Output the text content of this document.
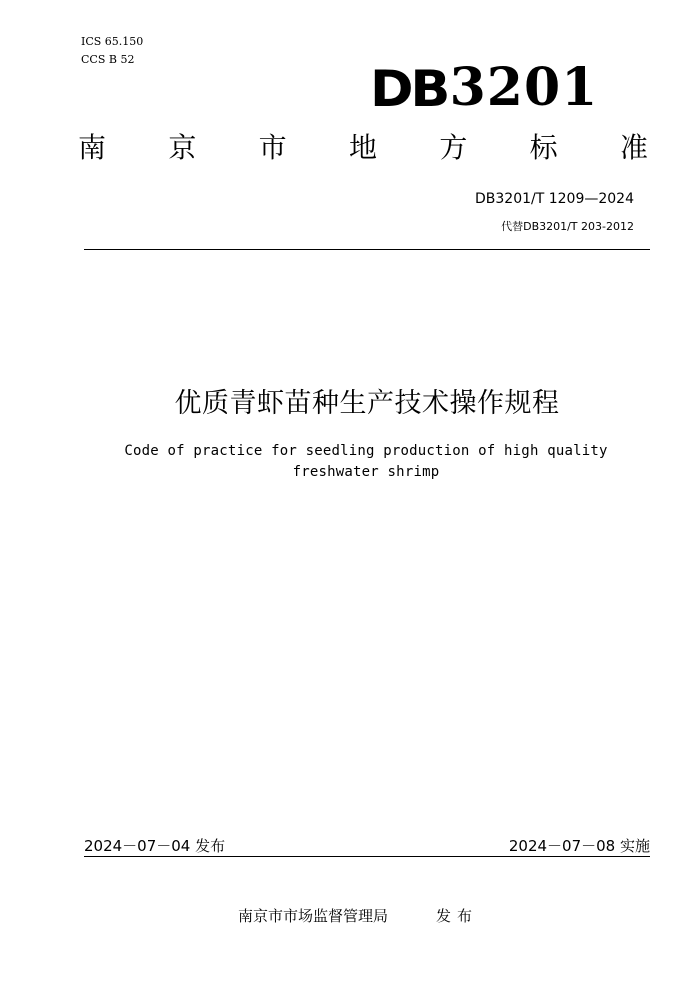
ICS 65.150
CCS B 52
DB 3201
南 京 市 地 方 标 准
DB3201/T 1209—2024
代替DB3201/T 203-2012
优质青虾苗种生产技术操作规程
Code of practice for seedling production of high quality freshwater shrimp
2024－07－04 发布	2024－07－08 实施
南京市市场监督管理局	发布
